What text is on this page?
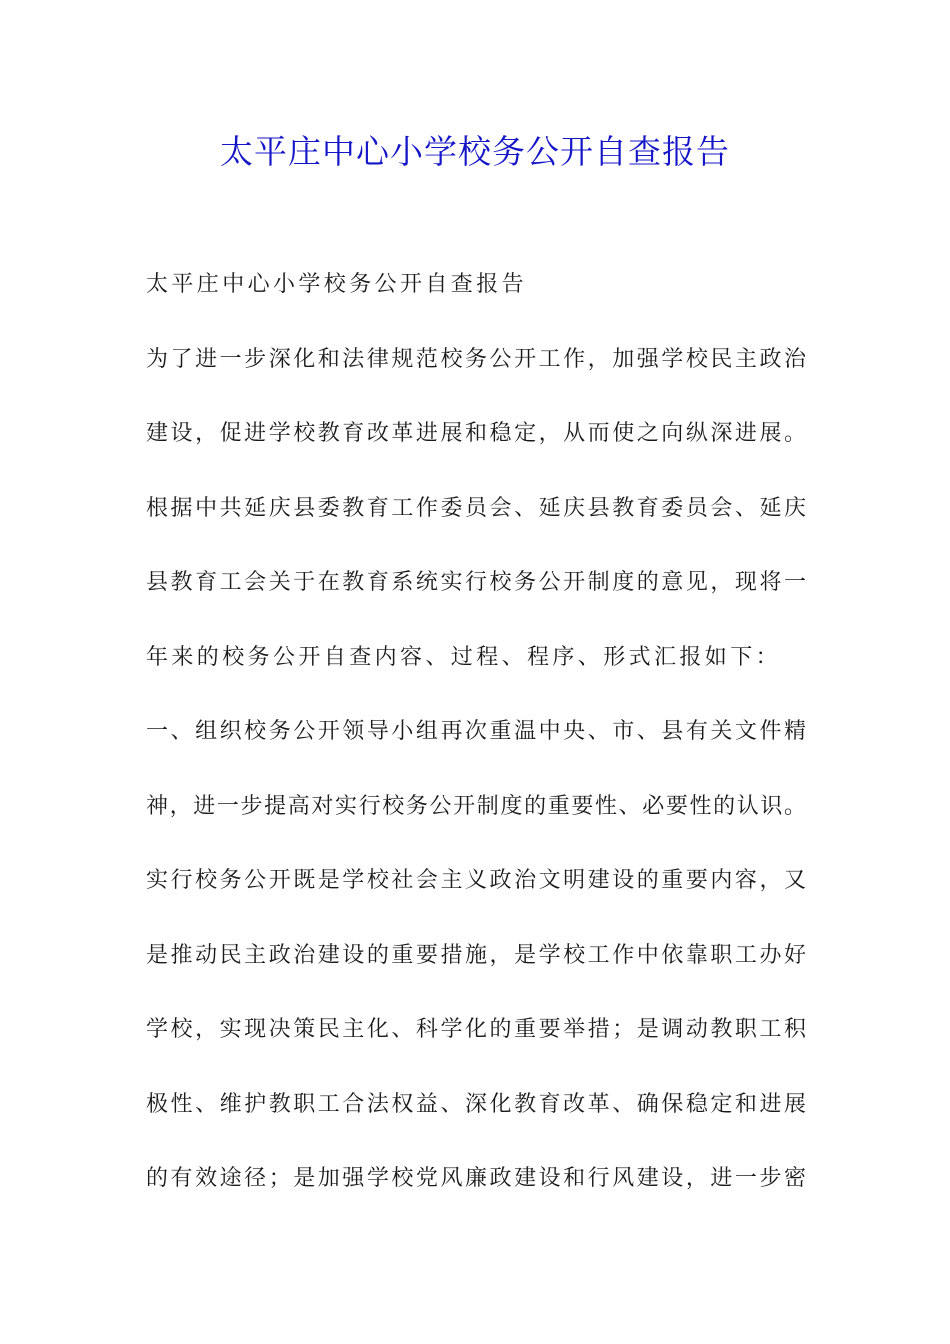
太平庄中心小学校务公开自查报告
太平庄中心小学校务公开自查报告
为了进一步深化和法律规范校务公开工作，加强学校民主政治
建设，促进学校教育改革进展和稳定，从而使之向纵深进展。
根据中共延庆县委教育工作委员会、延庆县教育委员会、延庆
县教育工会关于在教育系统实行校务公开制度的意见，现将一
年来的校务公开自查内容、过程、程序、形式汇报如下：
一、组织校务公开领导小组再次重温中央、市、县有关文件精
神，进一步提高对实行校务公开制度的重要性、必要性的认识。
实行校务公开既是学校社会主义政治文明建设的重要内容，又
是推动民主政治建设的重要措施，是学校工作中依靠职工办好
学校，实现决策民主化、科学化的重要举措；是调动教职工积
极性、维护教职工合法权益、深化教育改革、确保稳定和进展
的有效途径；是加强学校党风廉政建设和行风建设，进一步密
